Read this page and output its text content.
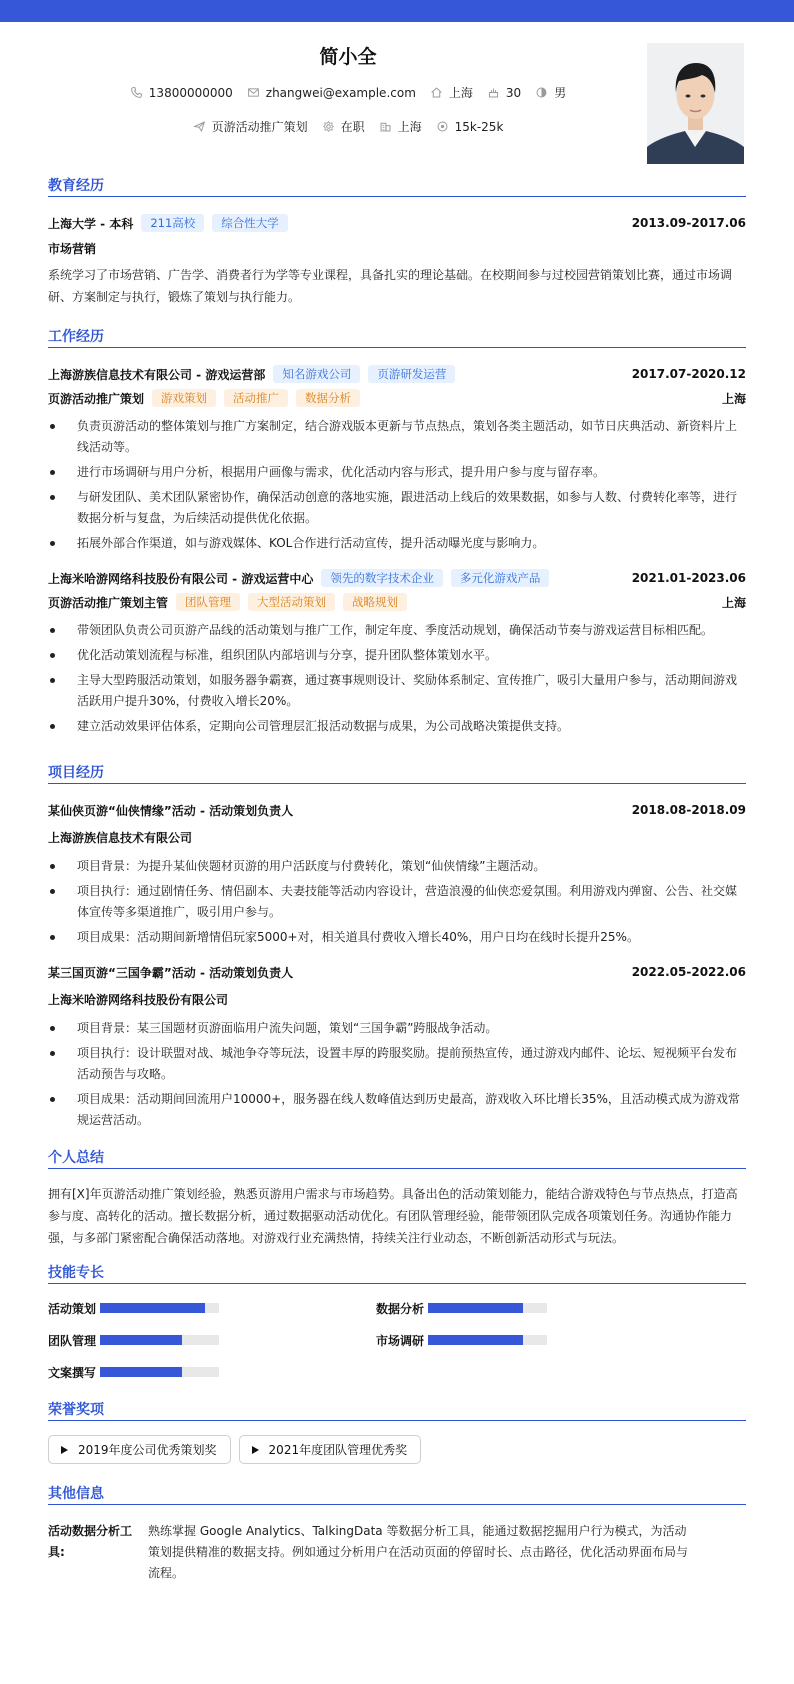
简小全
13800000000	zhangwei@example.com	上海	30	男
页游活动推广策划	在职	上海	15k-25k
教育经历
上海大学 - 本科	211高校	综合性大学	2013.09-2017.06
市场营销
系统学习了市场营销、广告学、消费者行为学等专业课程，具备扎实的理论基础。在校期间参与过校园营销策划比赛，通过市场调研、方案制定与执行，锻炼了策划与执行能力。
工作经历
上海游族信息技术有限公司 - 游戏运营部	知名游戏公司	页游研发运营	2017.07-2020.12
页游活动推广策划	游戏策划	活动推广	数据分析	上海
负责页游活动的整体策划与推广方案制定，结合游戏版本更新与节点热点，策划各类主题活动，如节日庆典活动、新资料片上线活动等。
进行市场调研与用户分析，根据用户画像与需求，优化活动内容与形式，提升用户参与度与留存率。
与研发团队、美术团队紧密协作，确保活动创意的落地实施，跟进活动上线后的效果数据，如参与人数、付费转化率等，进行数据分析与复盘，为后续活动提供优化依据。
拓展外部合作渠道，如与游戏媒体、KOL合作进行活动宣传，提升活动曝光度与影响力。
上海米哈游网络科技股份有限公司 - 游戏运营中心	领先的数字技术企业	多元化游戏产品	2021.01-2023.06
页游活动推广策划主管	团队管理	大型活动策划	战略规划	上海
带领团队负责公司页游产品线的活动策划与推广工作，制定年度、季度活动规划，确保活动节奏与游戏运营目标相匹配。
优化活动策划流程与标准，组织团队内部培训与分享，提升团队整体策划水平。
主导大型跨服活动策划，如服务器争霸赛，通过赛事规则设计、奖励体系制定、宣传推广，吸引大量用户参与，活动期间游戏活跃用户提升30%，付费收入增长20%。
建立活动效果评估体系，定期向公司管理层汇报活动数据与成果，为公司战略决策提供支持。
项目经历
某仙侠页游“仙侠情缘”活动 - 活动策划负责人	2018.08-2018.09
上海游族信息技术有限公司
项目背景：为提升某仙侠题材页游的用户活跃度与付费转化，策划“仙侠情缘”主题活动。
项目执行：通过剧情任务、情侣副本、夫妻技能等活动内容设计，营造浪漫的仙侠恋爱氛围。利用游戏内弹窗、公告、社交媒体宣传等多渠道推广，吸引用户参与。
项目成果：活动期间新增情侣玩家5000+对，相关道具付费收入增长40%，用户日均在线时长提升25%。
某三国页游“三国争霸”活动 - 活动策划负责人	2022.05-2022.06
上海米哈游网络科技股份有限公司
项目背景：某三国题材页游面临用户流失问题，策划“三国争霸”跨服战争活动。
项目执行：设计联盟对战、城池争夺等玩法，设置丰厚的跨服奖励。提前预热宣传，通过游戏内邮件、论坛、短视频平台发布活动预告与攻略。
项目成果：活动期间回流用户10000+，服务器在线人数峰值达到历史最高，游戏收入环比增长35%，且活动模式成为游戏常规运营活动。
个人总结
拥有[X]年页游活动推广策划经验，熟悉页游用户需求与市场趋势。具备出色的活动策划能力，能结合游戏特色与节点热点，打造高参与度、高转化的活动。擅长数据分析，通过数据驱动活动优化。有团队管理经验，能带领团队完成各项策划任务。沟通协作能力强，与多部门紧密配合确保活动落地。对游戏行业充满热情，持续关注行业动态，不断创新活动形式与玩法。
技能专长
活动策划	数据分析
团队管理	市场调研
文案撰写
荣誉奖项
2019年度公司优秀策划奖	2021年度团队管理优秀奖
其他信息
活动数据分析工具:
熟练掌握 Google Analytics、TalkingData 等数据分析工具，能通过数据挖掘用户行为模式，为活动策划提供精准的数据支持。例如通过分析用户在活动页面的停留时长、点击路径，优化活动界面布局与流程。
